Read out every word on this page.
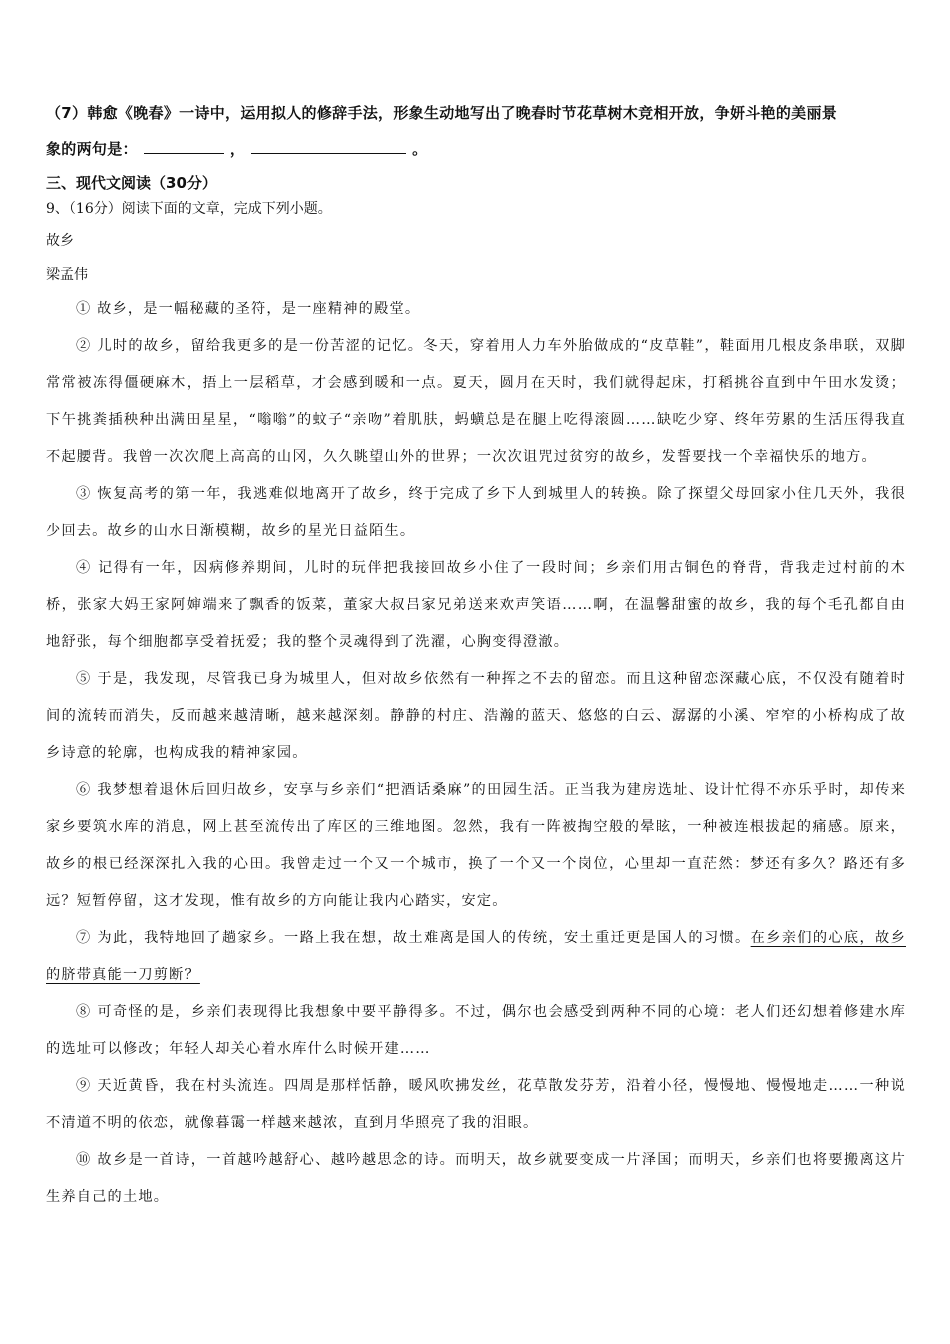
（7）韩愈《晚春》一诗中，运用拟人的修辞手法，形象生动地写出了晚春时节花草树木竞相开放，争妍斗艳的美丽景
象的两句是：	，	。
三、现代文阅读（30分）
9、（16分）阅读下面的文章，完成下列小题。
故乡
梁孟伟

① 故乡，是一幅秘藏的圣符，是一座精神的殿堂。

② 儿时的故乡，留给我更多的是一份苦涩的记忆。冬天，穿着用人力车外胎做成的“皮草鞋”，鞋面用几根皮条串联，双脚常常被冻得僵硬麻木，捂上一层稻草，才会感到暖和一点。夏天，圆月在天时，我们就得起床，打稻挑谷直到中午田水发烫；下午挑粪插秧种出满田星星，“嗡嗡”的蚊子“亲吻”着肌肤，蚂蟥总是在腿上吃得滚圆……缺吃少穿、终年劳累的生活压得我直不起腰背。我曾一次次爬上高高的山冈，久久眺望山外的世界；一次次诅咒过贫穷的故乡，发誓要找一个幸福快乐的地方。

③ 恢复高考的第一年，我逃难似地离开了故乡，终于完成了乡下人到城里人的转换。除了探望父母回家小住几天外，我很少回去。故乡的山水日渐模糊，故乡的星光日益陌生。

④ 记得有一年，因病修养期间，儿时的玩伴把我接回故乡小住了一段时间；乡亲们用古铜色的脊背，背我走过村前的木桥，张家大妈王家阿婶端来了飘香的饭菜，董家大叔吕家兄弟送来欢声笑语……啊，在温馨甜蜜的故乡，我的每个毛孔都自由地舒张，每个细胞都享受着抚爱；我的整个灵魂得到了洗濯，心胸变得澄澈。

⑤ 于是，我发现，尽管我已身为城里人，但对故乡依然有一种挥之不去的留恋。而且这种留恋深藏心底，不仅没有随着时间的流转而消失，反而越来越清晰，越来越深刻。静静的村庄、浩瀚的蓝天、悠悠的白云、潺潺的小溪、窄窄的小桥构成了故乡诗意的轮廓，也构成我的精神家园。

⑥ 我梦想着退休后回归故乡，安享与乡亲们“把酒话桑麻”的田园生活。正当我为建房选址、设计忙得不亦乐乎时，却传来家乡要筑水库的消息，网上甚至流传出了库区的三维地图。忽然，我有一阵被掏空般的晕眩，一种被连根拔起的痛感。原来，故乡的根已经深深扎入我的心田。我曾走过一个又一个城市，换了一个又一个岗位，心里却一直茫然：梦还有多久？路还有多远？短暂停留，这才发现，惟有故乡的方向能让我内心踏实，安定。

⑦ 为此，我特地回了趟家乡。一路上我在想，故土难离是国人的传统，安土重迁更是国人的习惯。在乡亲们的心底，故乡的脐带真能一刀剪断？

⑧ 可奇怪的是，乡亲们表现得比我想象中要平静得多。不过，偶尔也会感受到两种不同的心境：老人们还幻想着修建水库的选址可以修改；年轻人却关心着水库什么时候开建……

⑨ 天近黄昏，我在村头流连。四周是那样恬静，暖风吹拂发丝，花草散发芬芳，沿着小径，慢慢地、慢慢地走……一种说不清道不明的依恋，就像暮霭一样越来越浓，直到月华照亮了我的泪眼。

⑩ 故乡是一首诗，一首越吟越舒心、越吟越思念的诗。而明天，故乡就要变成一片泽国；而明天，乡亲们也将要搬离这片生养自己的土地。
